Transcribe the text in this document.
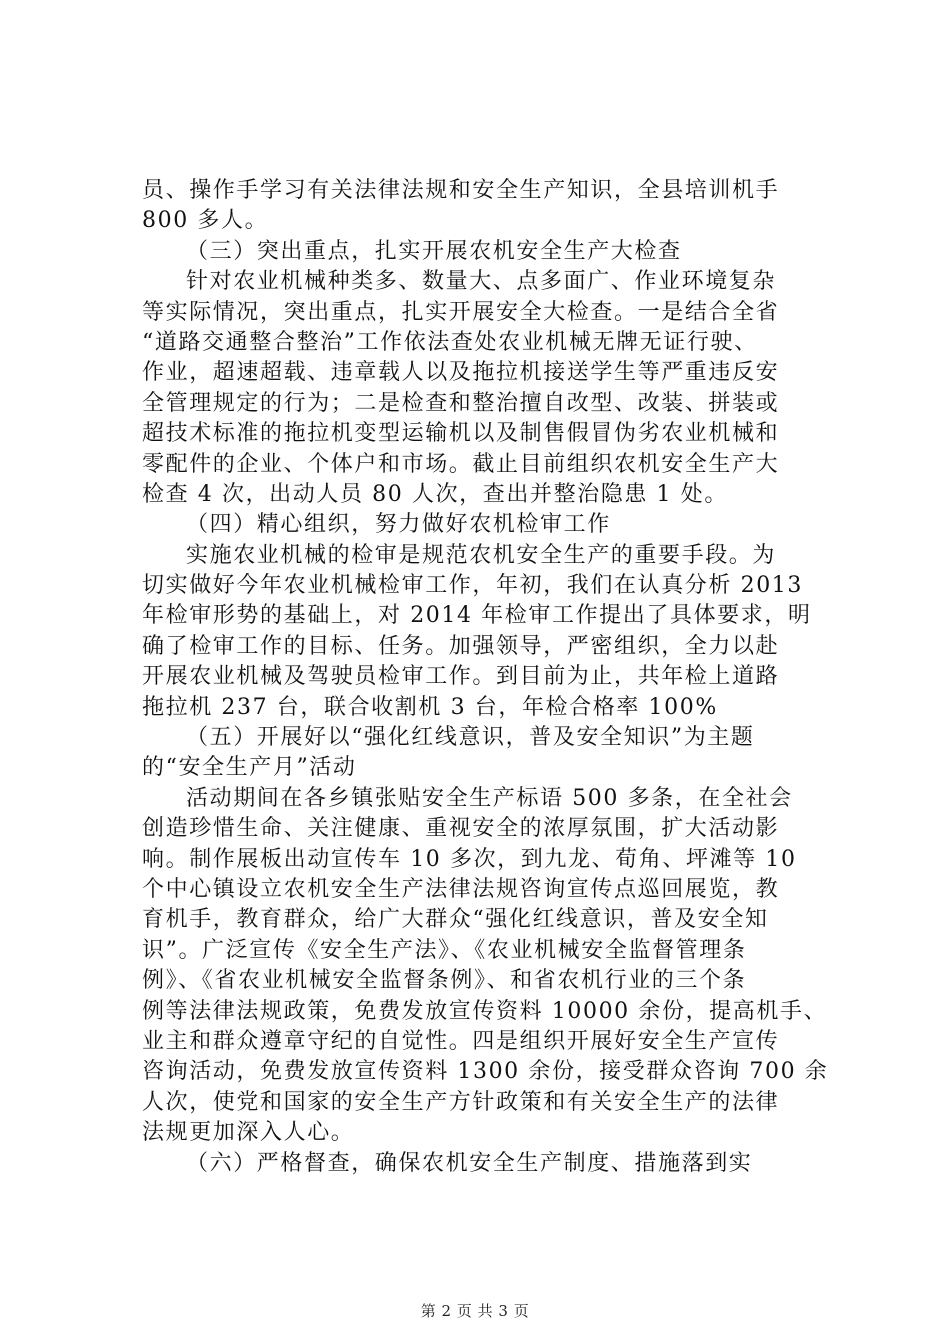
员、操作手学习有关法律法规和安全生产知识，全县培训机手
800 多人。
（三）突出重点，扎实开展农机安全生产大检查
针对农业机械种类多、数量大、点多面广、作业环境复杂
等实际情况，突出重点，扎实开展安全大检查。一是结合全省
“道路交通整合整治”工作依法查处农业机械无牌无证行驶、
作业，超速超载、违章载人以及拖拉机接送学生等严重违反安
全管理规定的行为；二是检查和整治擅自改型、改装、拼装或
超技术标准的拖拉机变型运输机以及制售假冒伪劣农业机械和
零配件的企业、个体户和市场。截止目前组织农机安全生产大
检查 4 次，出动人员 80 人次，查出并整治隐患 1 处。
（四）精心组织，努力做好农机检审工作
实施农业机械的检审是规范农机安全生产的重要手段。为
切实做好今年农业机械检审工作，年初，我们在认真分析 2013
年检审形势的基础上，对 2014 年检审工作提出了具体要求，明
确了检审工作的目标、任务。加强领导，严密组织，全力以赴
开展农业机械及驾驶员检审工作。到目前为止，共年检上道路
拖拉机 237 台，联合收割机 3 台，年检合格率 100%
（五）开展好以“强化红线意识，普及安全知识”为主题
的“安全生产月”活动
活动期间在各乡镇张贴安全生产标语 500 多条，在全社会
创造珍惜生命、关注健康、重视安全的浓厚氛围，扩大活动影
响。制作展板出动宣传车 10 多次，到九龙、荀角、坪滩等 10
个中心镇设立农机安全生产法律法规咨询宣传点巡回展览，教
育机手，教育群众，给广大群众“强化红线意识，普及安全知
识”。广泛宣传《安全生产法》、《农业机械安全监督管理条
例》、《省农业机械安全监督条例》、和省农机行业的三个条
例等法律法规政策，免费发放宣传资料 10000 余份，提高机手、
业主和群众遵章守纪的自觉性。四是组织开展好安全生产宣传
咨询活动，免费发放宣传资料 1300 余份，接受群众咨询 700 余
人次，使党和国家的安全生产方针政策和有关安全生产的法律
法规更加深入人心。
（六）严格督查，确保农机安全生产制度、措施落到实
第 2 页 共 3 页
